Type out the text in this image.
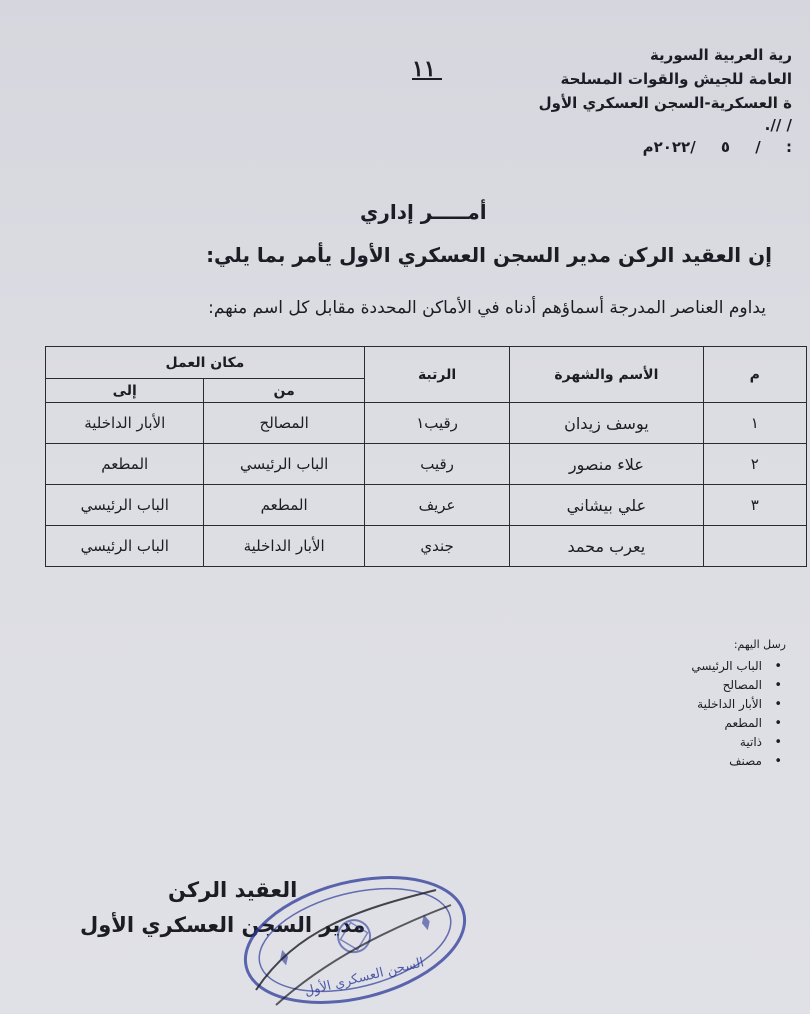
رية العربية السورية
العامة للجيش والقوات المسلحة
ة العسكرية-السجن العسكري الأول
/ //.
: / ٥ /٢٠٢٢م
١١
أمـــــر إداري
إن العقيد الركن مدير السجن العسكري الأول يأمر بما يلي:
يداوم العناصر المدرجة أسماؤهم أدناه في الأماكن المحددة مقابل كل اسم منهم:
م	الأسم والشهرة	الرتبة	مكان العمل	
			من	إلى
١	يوسف زيدان	رقيب١	المصالح	الأبار الداخلية
٢	علاء منصور	رقيب	الباب الرئيسي	المطعم
٣	علي بيشاني	عريف	المطعم	الباب الرئيسي
	يعرب محمد	جندي	الأبار الداخلية	الباب الرئيسي
رسل اليهم:
• الباب الرئيسي
• المصالح
• الأبار الداخلية
• المطعم
• ذاتية
• مصنف
العقيد الركن
مدير السجن العسكري الأول
السجن العسكري الأول
